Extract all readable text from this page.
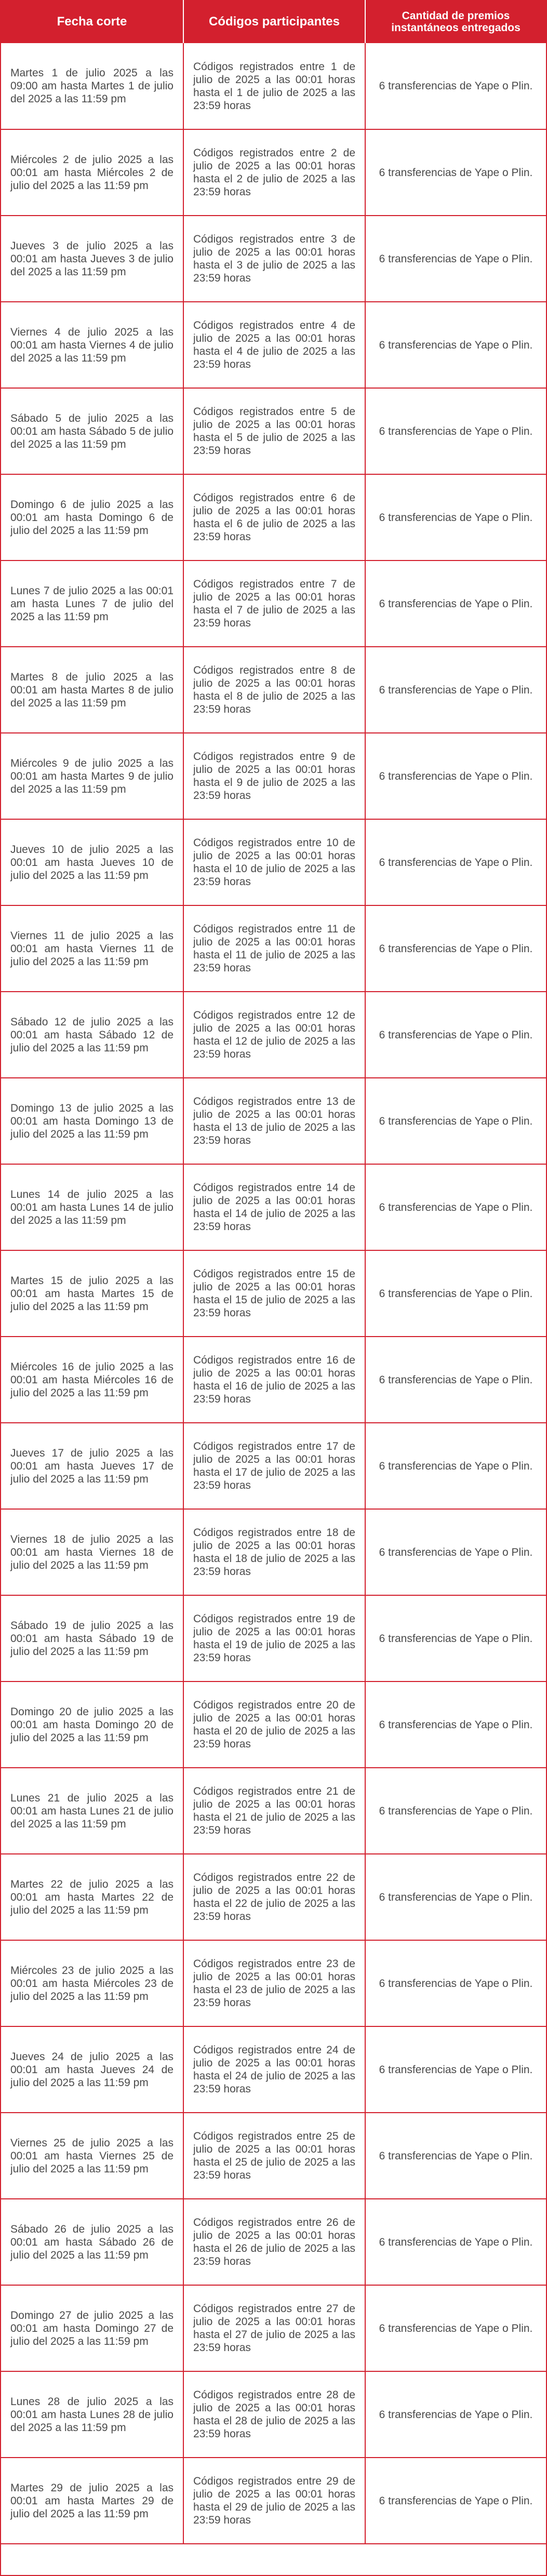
Fecha corte	Códigos participantes	Cantidad de premios instantáneos entregados
Martes 1 de julio 2025 a las 09:00 am hasta Martes 1 de julio del 2025 a las 11:59 pm	Códigos registrados entre 1 de julio de 2025 a las 00:01 horas hasta el 1 de julio de 2025 a las 23:59 horas	6 transferencias de Yape o Plin.
Miércoles 2 de julio 2025 a las 00:01 am hasta Miércoles 2 de julio del 2025 a las 11:59 pm	Códigos registrados entre 2 de julio de 2025 a las 00:01 horas hasta el 2 de julio de 2025 a las 23:59 horas	6 transferencias de Yape o Plin.
Jueves 3 de julio 2025 a las 00:01 am hasta Jueves 3 de julio del 2025 a las 11:59 pm	Códigos registrados entre 3 de julio de 2025 a las 00:01 horas hasta el 3 de julio de 2025 a las 23:59 horas	6 transferencias de Yape o Plin.
Viernes 4 de julio 2025 a las 00:01 am hasta Viernes 4 de julio del 2025 a las 11:59 pm	Códigos registrados entre 4 de julio de 2025 a las 00:01 horas hasta el 4 de julio de 2025 a las 23:59 horas	6 transferencias de Yape o Plin.
Sábado 5 de julio 2025 a las 00:01 am hasta Sábado 5 de julio del 2025 a las 11:59 pm	Códigos registrados entre 5 de julio de 2025 a las 00:01 horas hasta el 5 de julio de 2025 a las 23:59 horas	6 transferencias de Yape o Plin.
Domingo 6 de julio 2025 a las 00:01 am hasta Domingo 6 de julio del 2025 a las 11:59 pm	Códigos registrados entre 6 de julio de 2025 a las 00:01 horas hasta el 6 de julio de 2025 a las 23:59 horas	6 transferencias de Yape o Plin.
Lunes 7 de julio 2025 a las 00:01 am hasta Lunes 7 de julio del 2025 a las 11:59 pm	Códigos registrados entre 7 de julio de 2025 a las 00:01 horas hasta el 7 de julio de 2025 a las 23:59 horas	6 transferencias de Yape o Plin.
Martes 8 de julio 2025 a las 00:01 am hasta Martes 8 de julio del 2025 a las 11:59 pm	Códigos registrados entre 8 de julio de 2025 a las 00:01 horas hasta el 8 de julio de 2025 a las 23:59 horas	6 transferencias de Yape o Plin.
Miércoles 9 de julio 2025 a las 00:01 am hasta Martes 9 de julio del 2025 a las 11:59 pm	Códigos registrados entre 9 de julio de 2025 a las 00:01 horas hasta el 9 de julio de 2025 a las 23:59 horas	6 transferencias de Yape o Plin.
Jueves 10 de julio 2025 a las 00:01 am hasta Jueves 10 de julio del 2025 a las 11:59 pm	Códigos registrados entre 10 de julio de 2025 a las 00:01 horas hasta el 10 de julio de 2025 a las 23:59 horas	6 transferencias de Yape o Plin.
Viernes 11 de julio 2025 a las 00:01 am hasta Viernes 11 de julio del 2025 a las 11:59 pm	Códigos registrados entre 11 de julio de 2025 a las 00:01 horas hasta el 11 de julio de 2025 a las 23:59 horas	6 transferencias de Yape o Plin.
Sábado 12 de julio 2025 a las 00:01 am hasta Sábado 12 de julio del 2025 a las 11:59 pm	Códigos registrados entre 12 de julio de 2025 a las 00:01 horas hasta el 12 de julio de 2025 a las 23:59 horas	6 transferencias de Yape o Plin.
Domingo 13 de julio 2025 a las 00:01 am hasta Domingo 13 de julio del 2025 a las 11:59 pm	Códigos registrados entre 13 de julio de 2025 a las 00:01 horas hasta el 13 de julio de 2025 a las 23:59 horas	6 transferencias de Yape o Plin.
Lunes 14 de julio 2025 a las 00:01 am hasta Lunes 14 de julio del 2025 a las 11:59 pm	Códigos registrados entre 14 de julio de 2025 a las 00:01 horas hasta el 14 de julio de 2025 a las 23:59 horas	6 transferencias de Yape o Plin.
Martes 15 de julio 2025 a las 00:01 am hasta Martes 15 de julio del 2025 a las 11:59 pm	Códigos registrados entre 15 de julio de 2025 a las 00:01 horas hasta el 15 de julio de 2025 a las 23:59 horas	6 transferencias de Yape o Plin.
Miércoles 16 de julio 2025 a las 00:01 am hasta Miércoles 16 de julio del 2025 a las 11:59 pm	Códigos registrados entre 16 de julio de 2025 a las 00:01 horas hasta el 16 de julio de 2025 a las 23:59 horas	6 transferencias de Yape o Plin.
Jueves 17 de julio 2025 a las 00:01 am hasta Jueves 17 de julio del 2025 a las 11:59 pm	Códigos registrados entre 17 de julio de 2025 a las 00:01 horas hasta el 17 de julio de 2025 a las 23:59 horas	6 transferencias de Yape o Plin.
Viernes 18 de julio 2025 a las 00:01 am hasta Viernes 18 de julio del 2025 a las 11:59 pm	Códigos registrados entre 18 de julio de 2025 a las 00:01 horas hasta el 18 de julio de 2025 a las 23:59 horas	6 transferencias de Yape o Plin.
Sábado 19 de julio 2025 a las 00:01 am hasta Sábado 19 de julio del 2025 a las 11:59 pm	Códigos registrados entre 19 de julio de 2025 a las 00:01 horas hasta el 19 de julio de 2025 a las 23:59 horas	6 transferencias de Yape o Plin.
Domingo 20 de julio 2025 a las 00:01 am hasta Domingo 20 de julio del 2025 a las 11:59 pm	Códigos registrados entre 20 de julio de 2025 a las 00:01 horas hasta el 20 de julio de 2025 a las 23:59 horas	6 transferencias de Yape o Plin.
Lunes 21 de julio 2025 a las 00:01 am hasta Lunes 21 de julio del 2025 a las 11:59 pm	Códigos registrados entre 21 de julio de 2025 a las 00:01 horas hasta el 21 de julio de 2025 a las 23:59 horas	6 transferencias de Yape o Plin.
Martes 22 de julio 2025 a las 00:01 am hasta Martes 22 de julio del 2025 a las 11:59 pm	Códigos registrados entre 22 de julio de 2025 a las 00:01 horas hasta el 22 de julio de 2025 a las 23:59 horas	6 transferencias de Yape o Plin.
Miércoles 23 de julio 2025 a las 00:01 am hasta Miércoles 23 de julio del 2025 a las 11:59 pm	Códigos registrados entre 23 de julio de 2025 a las 00:01 horas hasta el 23 de julio de 2025 a las 23:59 horas	6 transferencias de Yape o Plin.
Jueves 24 de julio 2025 a las 00:01 am hasta Jueves 24 de julio del 2025 a las 11:59 pm	Códigos registrados entre 24 de julio de 2025 a las 00:01 horas hasta el 24 de julio de 2025 a las 23:59 horas	6 transferencias de Yape o Plin.
Viernes 25 de julio 2025 a las 00:01 am hasta Viernes 25 de julio del 2025 a las 11:59 pm	Códigos registrados entre 25 de julio de 2025 a las 00:01 horas hasta el 25 de julio de 2025 a las 23:59 horas	6 transferencias de Yape o Plin.
Sábado 26 de julio 2025 a las 00:01 am hasta Sábado 26 de julio del 2025 a las 11:59 pm	Códigos registrados entre 26 de julio de 2025 a las 00:01 horas hasta el 26 de julio de 2025 a las 23:59 horas	6 transferencias de Yape o Plin.
Domingo 27 de julio 2025 a las 00:01 am hasta Domingo 27 de julio del 2025 a las 11:59 pm	Códigos registrados entre 27 de julio de 2025 a las 00:01 horas hasta el 27 de julio de 2025 a las 23:59 horas	6 transferencias de Yape o Plin.
Lunes 28 de julio 2025 a las 00:01 am hasta Lunes 28 de julio del 2025 a las 11:59 pm	Códigos registrados entre 28 de julio de 2025 a las 00:01 horas hasta el 28 de julio de 2025 a las 23:59 horas	6 transferencias de Yape o Plin.
Martes 29 de julio 2025 a las 00:01 am hasta Martes 29 de julio del 2025 a las 11:59 pm	Códigos registrados entre 29 de julio de 2025 a las 00:01 horas hasta el 29 de julio de 2025 a las 23:59 horas	6 transferencias de Yape o Plin.
